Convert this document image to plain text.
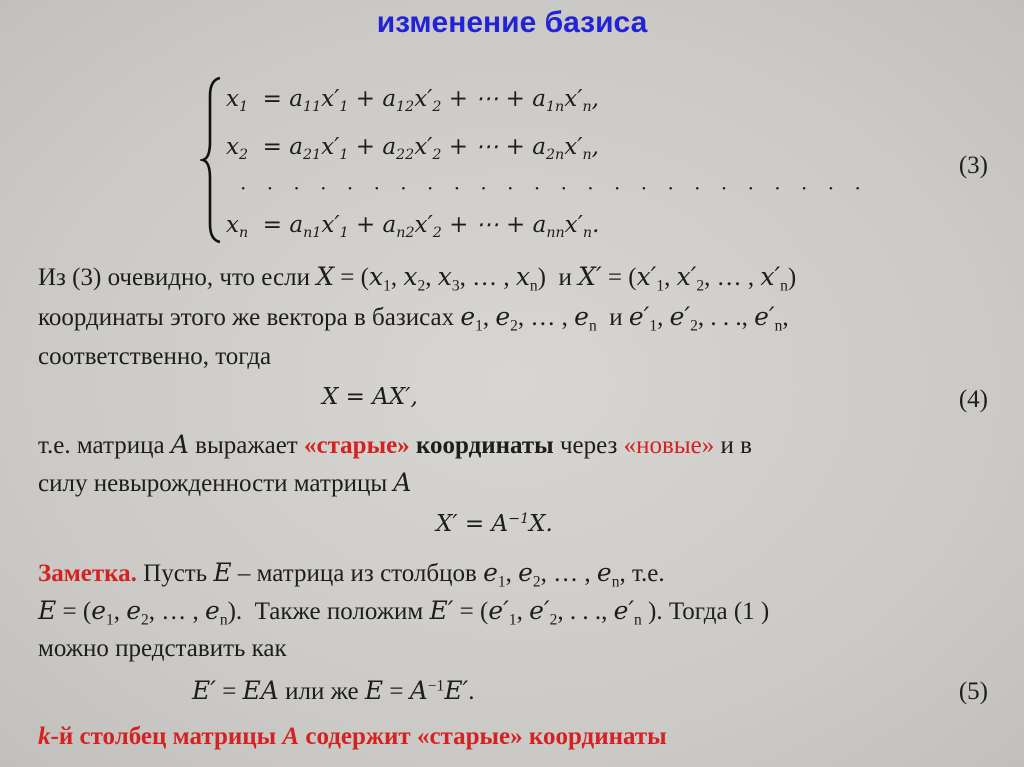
изменение базиса
$x_1 = a_{11}x'_1 + a_{12}x'_2$ + ⋯ + $a_{1n}x'_n$,
$x_2 = a_{21}x'_1 + a_{22}x'_2$ + ⋯ + $a_{2n}x'_n$,
· · · · · · · · · · · · · · · · · · · · · · · ·
$x_n = a_{n1}x'_1 + a_{n2}x'_2$ + ⋯ + $a_{nn}x'_n$.
(3)
Из (3) очевидно, что если $X = (x_1$, $x_2$, $x_3$, … , $x_n$)  и $X' = (x'_1$, $x'_2$, … , $x'_n$)
координаты этого же вектора в базисах $e_1$, $e_2$, … , $e_n$ и $e'_1$, $e'_2$, . . ., $e'_n$,
соответственно, тогда
X = AX′,	(4)
т.е. матрица A выражает «старые» координаты через «новые» и в
силу невырожденности матрицы A
$X' = A^{-1}X$.
Заметка. Пусть E – матрица из столбцов $e_1$, $e_2$, … , $e_n$, т.е.
$E = (e_1$, $e_2$, … , $e_n$).  Также положим $E' = (e'_1$, $e'_2$, . . ., $e'_n$ ). Тогда (1 )
можно представить как
E′ = EA или же $E = A^{-1}E'$.	(5)
k-й столбец матрицы A содержит «старые» координаты
